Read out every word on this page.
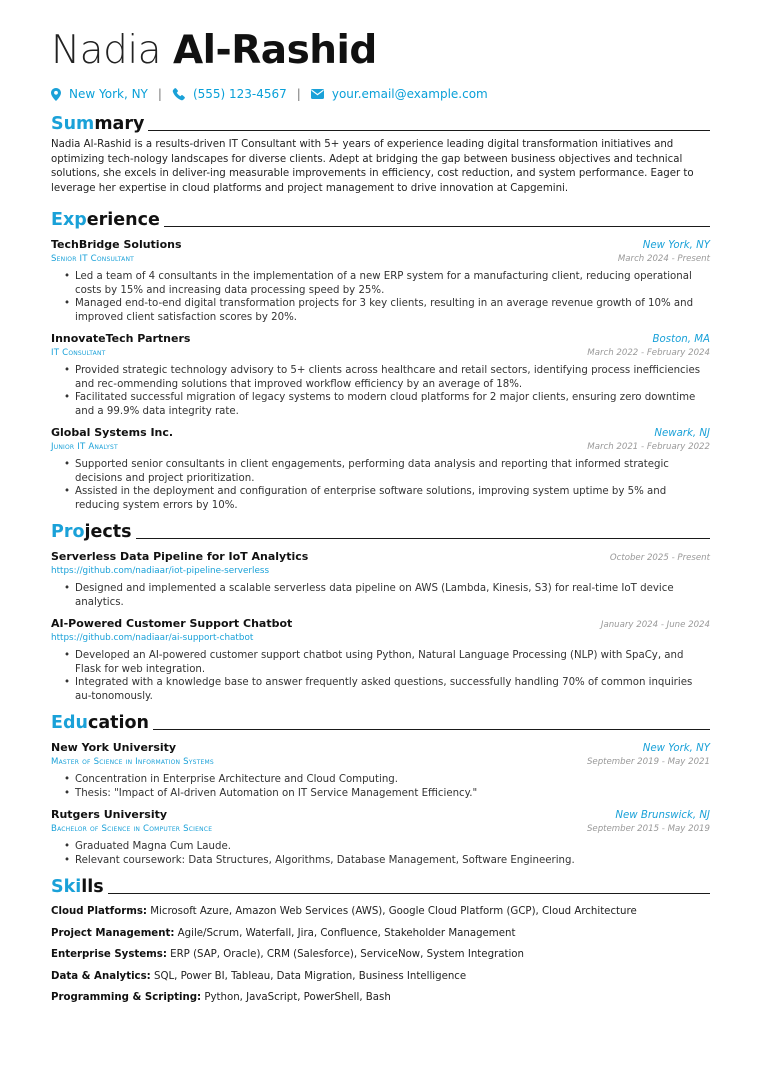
Nadia Al-Rashid
New York, NY |	(555) 123-4567 |	your.email@example.com
Summary
Nadia Al-Rashid is a results-driven IT Consultant with 5+ years of experience leading digital transformation initiatives and optimizing tech-nology landscapes for diverse clients. Adept at bridging the gap between business objectives and technical solutions, she excels in deliver-ing measurable improvements in efficiency, cost reduction, and system performance. Eager to leverage her expertise in cloud platforms and project management to drive innovation at Capgemini.
Experience
TechBridge Solutions	New York, NY
Senior IT Consultant	March 2024 - Present
• Led a team of 4 consultants in the implementation of a new ERP system for a manufacturing client, reducing operational costs by 15% and increasing data processing speed by 25%.
• Managed end-to-end digital transformation projects for 3 key clients, resulting in an average revenue growth of 10% and improved client satisfaction scores by 20%.
InnovateTech Partners	Boston, MA
IT Consultant	March 2022 - February 2024
• Provided strategic technology advisory to 5+ clients across healthcare and retail sectors, identifying process inefficiencies and rec-ommending solutions that improved workflow efficiency by an average of 18%.
• Facilitated successful migration of legacy systems to modern cloud platforms for 2 major clients, ensuring zero downtime and a 99.9% data integrity rate.
Global Systems Inc.	Newark, NJ
Junior IT Analyst	March 2021 - February 2022
• Supported senior consultants in client engagements, performing data analysis and reporting that informed strategic decisions and project prioritization.
• Assisted in the deployment and configuration of enterprise software solutions, improving system uptime by 5% and reducing system errors by 10%.
Projects
Serverless Data Pipeline for IoT Analytics	October 2025 - Present
https://github.com/nadiaar/iot-pipeline-serverless
• Designed and implemented a scalable serverless data pipeline on AWS (Lambda, Kinesis, S3) for real-time IoT device analytics.
AI-Powered Customer Support Chatbot	January 2024 - June 2024
https://github.com/nadiaar/ai-support-chatbot
• Developed an AI-powered customer support chatbot using Python, Natural Language Processing (NLP) with SpaCy, and Flask for web integration.
• Integrated with a knowledge base to answer frequently asked questions, successfully handling 70% of common inquiries au-tonomously.
Education
New York University	New York, NY
Master of Science in Information Systems	September 2019 - May 2021
• Concentration in Enterprise Architecture and Cloud Computing.
• Thesis: "Impact of AI-driven Automation on IT Service Management Efficiency."
Rutgers University	New Brunswick, NJ
Bachelor of Science in Computer Science	September 2015 - May 2019
• Graduated Magna Cum Laude.
• Relevant coursework: Data Structures, Algorithms, Database Management, Software Engineering.
Skills
Cloud Platforms: Microsoft Azure, Amazon Web Services (AWS), Google Cloud Platform (GCP), Cloud Architecture
Project Management: Agile/Scrum, Waterfall, Jira, Confluence, Stakeholder Management
Enterprise Systems: ERP (SAP, Oracle), CRM (Salesforce), ServiceNow, System Integration
Data & Analytics: SQL, Power BI, Tableau, Data Migration, Business Intelligence
Programming & Scripting: Python, JavaScript, PowerShell, Bash
